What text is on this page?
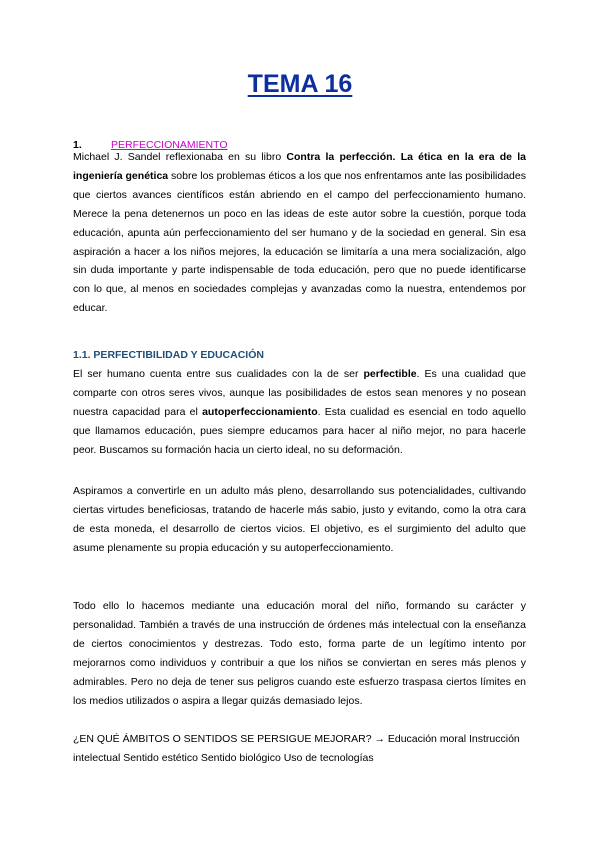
TEMA 16
1.	PERFECCIONAMIENTO

Michael J. Sandel reflexionaba en su libro Contra la perfección. La ética en la era de la ingeniería genética sobre los problemas éticos a los que nos enfrentamos ante las posibilidades que ciertos avances científicos están abriendo en el campo del perfeccionamiento humano. Merece la pena detenernos un poco en las ideas de este autor sobre la cuestión, porque toda educación, apunta aún perfeccionamiento del ser humano y de la sociedad en general. Sin esa aspiración a hacer a los niños mejores, la educación se limitaría a una mera socialización, algo sin duda importante y parte indispensable de toda educación, pero que no puede identificarse con lo que, al menos en sociedades complejas y avanzadas como la nuestra, entendemos por educar.

1.1. PERFECTIBILIDAD Y EDUCACIÓN

El ser humano cuenta entre sus cualidades con la de ser perfectible. Es una cualidad que comparte con otros seres vivos, aunque las posibilidades de estos sean menores y no posean nuestra capacidad para el autoperfeccionamiento. Esta cualidad es esencial en todo aquello que llamamos educación, pues siempre educamos para hacer al niño mejor, no para hacerle peor. Buscamos su formación hacia un cierto ideal, no su deformación.

Aspiramos a convertirle en un adulto más pleno, desarrollando sus potencialidades, cultivando ciertas virtudes beneficiosas, tratando de hacerle más sabio, justo y evitando, como la otra cara de esta moneda, el desarrollo de ciertos vicios. El objetivo, es el surgimiento del adulto que asume plenamente su propia educación y su autoperfeccionamiento.

Todo ello lo hacemos mediante una educación moral del niño, formando su carácter y personalidad. También a través de una instrucción de órdenes más intelectual con la enseñanza de ciertos conocimientos y destrezas. Todo esto, forma parte de un legítimo intento por mejorarnos como individuos y contribuir a que los niños se conviertan en seres más plenos y admirables. Pero no deja de tener sus peligros cuando este esfuerzo traspasa ciertos límites en los medios utilizados o aspira a llegar quizás demasiado lejos.

¿EN QUÉ ÁMBITOS O SENTIDOS SE PERSIGUE MEJORAR? → Educación moral Instrucción intelectual Sentido estético Sentido biológico Uso de tecnologías
